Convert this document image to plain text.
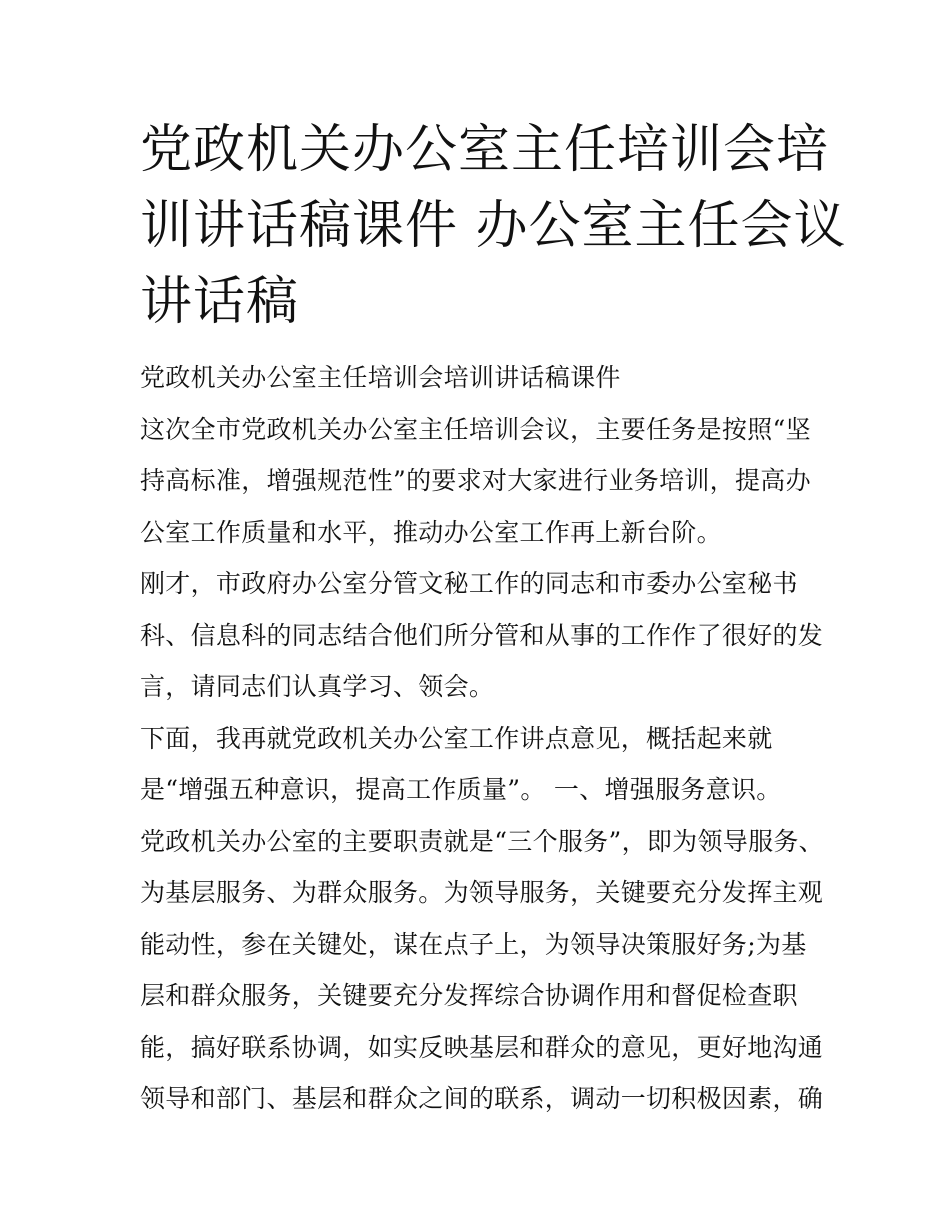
党政机关办公室主任培训会培
训讲话稿课件 办公室主任会议
讲话稿
党政机关办公室主任培训会培训讲话稿课件
这次全市党政机关办公室主任培训会议，主要任务是按照“坚
持高标准，增强规范性”的要求对大家进行业务培训，提高办
公室工作质量和水平，推动办公室工作再上新台阶。
刚才，市政府办公室分管文秘工作的同志和市委办公室秘书
科、信息科的同志结合他们所分管和从事的工作作了很好的发
言，请同志们认真学习、领会。
下面，我再就党政机关办公室工作讲点意见，概括起来就
是“增强五种意识，提高工作质量”。 一、增强服务意识。
党政机关办公室的主要职责就是“三个服务”，即为领导服务、
为基层服务、为群众服务。为领导服务，关键要充分发挥主观
能动性，参在关键处，谋在点子上，为领导决策服好务;为基
层和群众服务，关键要充分发挥综合协调作用和督促检查职
能，搞好联系协调，如实反映基层和群众的意见，更好地沟通
领导和部门、基层和群众之间的联系，调动一切积极因素，确
